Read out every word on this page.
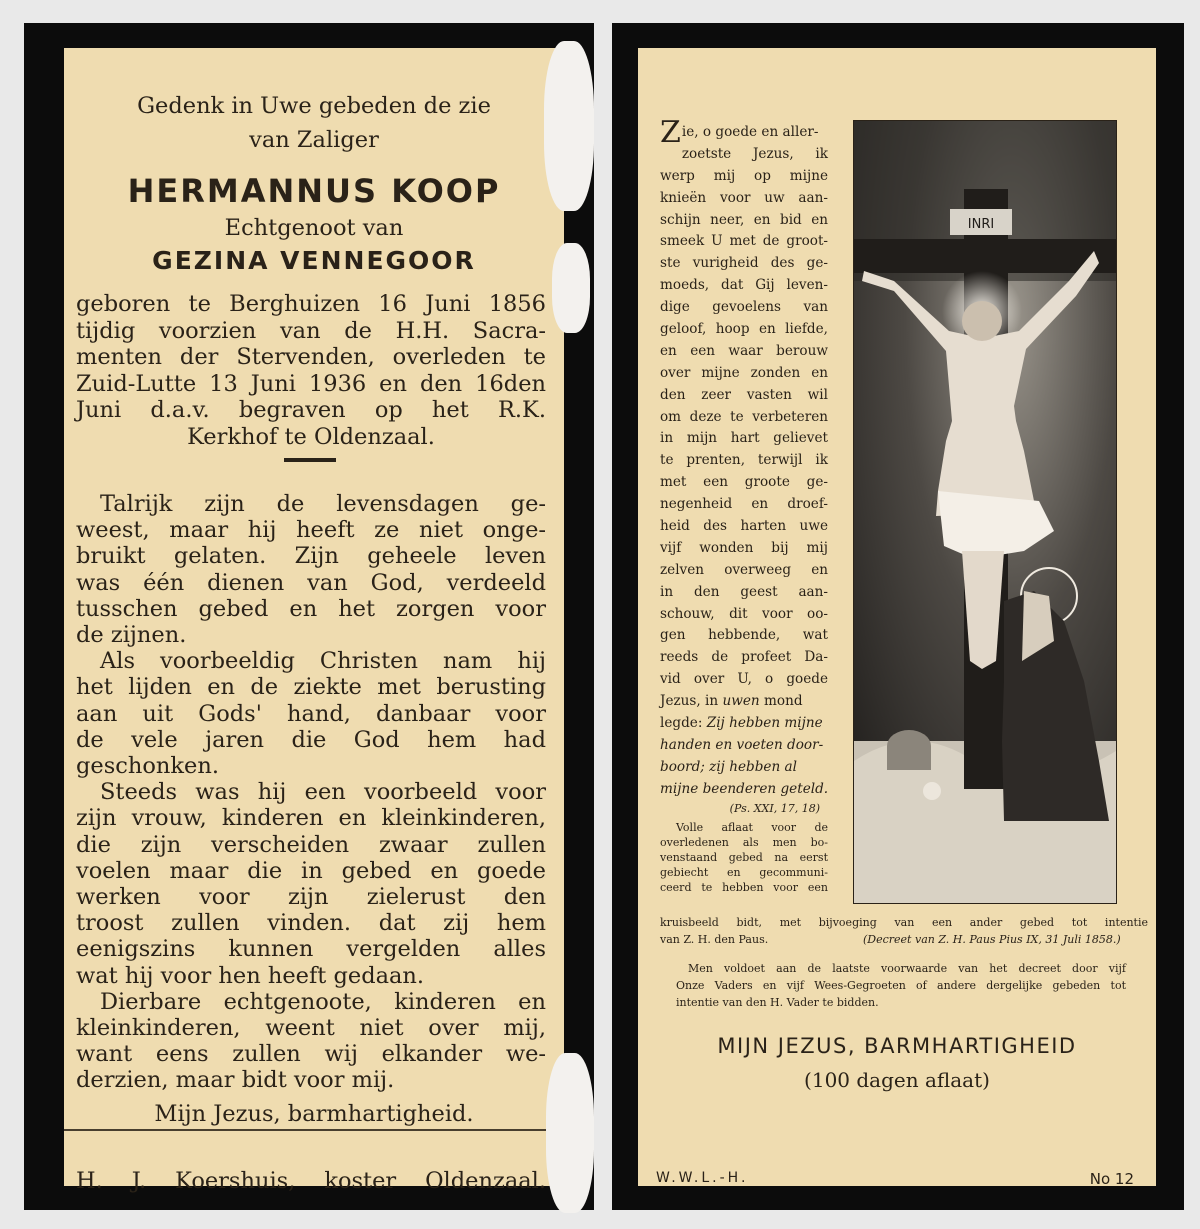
Gedenk in Uwe gebeden de zie
van Zaliger
HERMANNUS KOOP
Echtgenoot van
GEZINA VENNEGOOR
geboren te Berghuizen 16 Juni 1856
tijdig voorzien van de H.H. Sacra-
menten der Stervenden, overleden te
Zuid-Lutte 13 Juni 1936 en den 16den
Juni d.a.v. begraven op het R.K.
Kerkhof te Oldenzaal.
Talrijk zijn de levensdagen ge-
weest, maar hij heeft ze niet onge-
bruikt gelaten. Zijn geheele leven
was één dienen van God, verdeeld
tusschen gebed en het zorgen voor
de zijnen.
Als voorbeeldig Christen nam hij
het lijden en de ziekte met berusting
aan uit Gods' hand, danbaar voor
de vele jaren die God hem had
geschonken.
Steeds was hij een voorbeeld voor
zijn vrouw, kinderen en kleinkinderen,
die zijn verscheiden zwaar zullen
voelen maar die in gebed en goede
werken voor zijn zielerust den
troost zullen vinden. dat zij hem
eenigszins kunnen vergelden alles
wat hij voor hen heeft gedaan.
Dierbare echtgenoote, kinderen en
kleinkinderen, weent niet over mij,
want eens zullen wij elkander we-
derzien, maar bidt voor mij.
Mijn Jezus, barmhartigheid.
H. J. Koershuis, koster Oldenzaal.
Zie, o goede en aller-
zoetste Jezus, ik
werp mij op mijne
knieën voor uw aan-
schijn neer, en bid en
smeek U met de groot-
ste vurigheid des ge-
moeds, dat Gij leven-
dige gevoelens van
geloof, hoop en liefde,
en een waar berouw
over mijne zonden en
den zeer vasten wil
om deze te verbeteren
in mijn hart gelievet
te prenten, terwijl ik
met een groote ge-
negenheid en droef-
heid des harten uwe
vijf wonden bij mij
zelven overweeg en
in den geest aan-
schouw, dit voor oo-
gen hebbende, wat
reeds de profeet Da-
vid over U, o goede
Jezus, in uwen mond
legde: Zij hebben mijne
handen en voeten door-
boord; zij hebben al
mijne beenderen geteld.
(Ps. XXI, 17, 18)
Volle aflaat voor de
overledenen als men bo-
venstaand gebed na eerst
gebiecht en gecommuni-
ceerd te hebben voor een
INRI
kruisbeeld bidt, met bijvoeging van een ander gebed tot intentie
van Z. H. den Paus.	(Decreet van Z. H. Paus Pius IX, 31 Juli 1858.)
Men voldoet aan de laatste voorwaarde van het decreet door vijf
Onze Vaders en vijf Wees-Gegroeten of andere dergelijke gebeden tot
intentie van den H. Vader te bidden.
MIJN JEZUS, BARMHARTIGHEID
(100 dagen aflaat)
W.W.L.-H.	No 12
